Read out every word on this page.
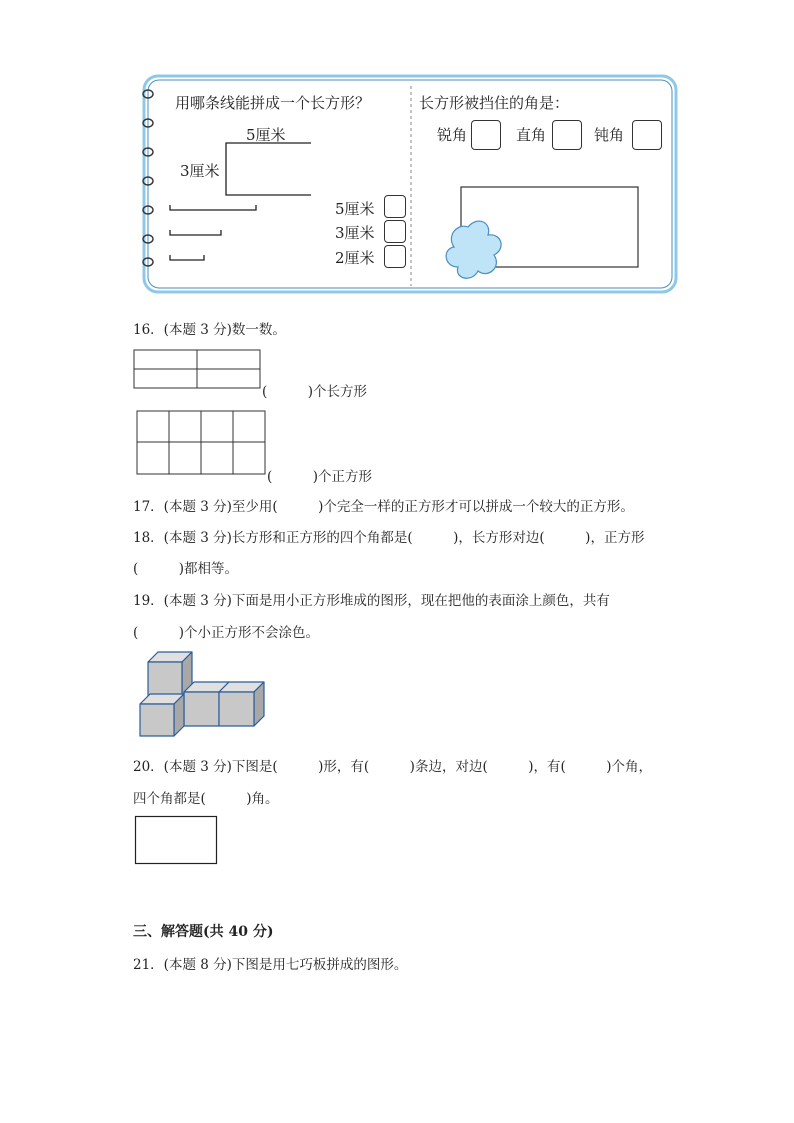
用哪条线能拼成一个长方形？
5厘米
3厘米
5厘米
3厘米
2厘米
长方形被挡住的角是：
锐角	直角	钝角
16．(本题 3 分)数一数。
(　　　)个长方形
(　　　)个正方形
17．(本题 3 分)至少用(　　　)个完全一样的正方形才可以拼成一个较大的正方形。
18．(本题 3 分)长方形和正方形的四个角都是(　　　)，长方形对边(　　　)，正方形
(　　　)都相等。
19．(本题 3 分)下面是用小正方形堆成的图形，现在把他的表面涂上颜色，共有
(　　　)个小正方形不会涂色。
20．(本题 3 分)下图是(　　　)形，有(　　　)条边，对边(　　　)，有(　　　)个角，
四个角都是(　　　)角。
三、解答题(共 40 分)
21．(本题 8 分)下图是用七巧板拼成的图形。
